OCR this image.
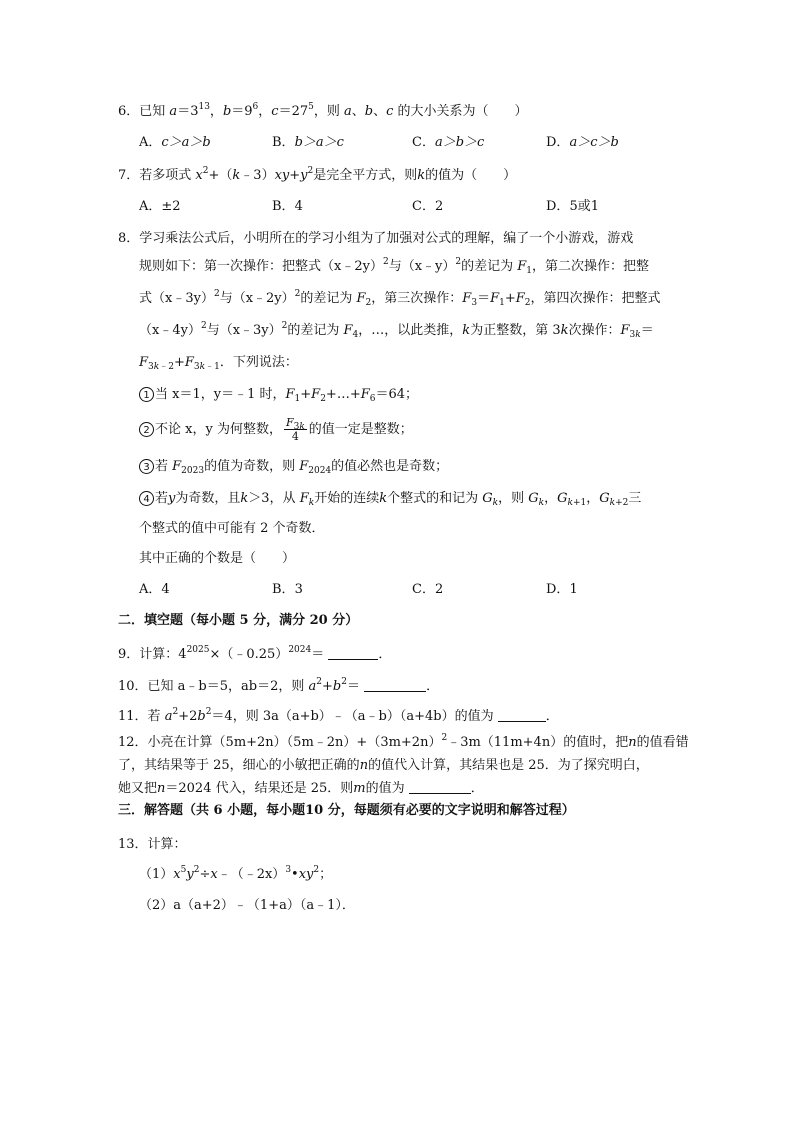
6．已知 $a=3^{13}$，$b=9^6$，$c=27^5$，则 a、b、c 的大小关系为（　　）
A．c＞a＞b	B．b＞a＞c	C．a＞b＞c	D．a＞c＞b
7．若多项式 $x^2+(k﹣3)xy+y^2$是完全平方式，则k的值为（　　）
A．±2	B．4	C．2	D．5或1
8．学习乘法公式后，小明所在的学习小组为了加强对公式的理解，编了一个小游戏，游戏
规则如下：第一次操作：把整式（x﹣2y）$^2$与（x﹣y）$^2$的差记为 $F_1$，第二次操作：把整
式（x﹣3y）$^2$与（x﹣2y）$^2$的差记为 $F_2$，第三次操作：$F_3=F_1+F_2$，第四次操作：把整式
（x﹣4y）$^2$与（x﹣3y）$^2$的差记为 $F_4$，…，以此类推，k为正整数，第 3k次操作：$F_{3k}=$
$F_{3k﹣2}+F_{3k﹣1}$．下列说法：
1 当 x＝1，y＝﹣1 时，$F_1+F_2+\dots+F_6=64$；
2 不论 x，y 为何整数， $\frac{F_{3k}}{4}$ 的值一定是整数；
3 若 $F_{2023}$的值为奇数，则 $F_{2024}$的值必然也是奇数；
4 若y为奇数，且k＞3，从 $F_k$开始的连续k个整式的和记为 $G_k$，则 $G_k$，$G_{k+1}$，$G_{k+2}$三
个整式的值中可能有 2 个奇数．
其中正确的个数是（　　）
A．4	B．3	C．2	D．1
二．填空题（每小题 5 分，满分 20 分）
9．计算：$4^{2025}\times(﹣0.25)^{2024}=$	．
10．已知 a﹣b＝5，ab＝2，则 $a^2+b^2=$	．
11．若 $a^2+2b^2=4$，则 3a（a+b）﹣（a﹣b）（a+4b）的值为	．
12．小亮在计算$(5m+2n)(5m﹣2n)+(3m+2n)^2﹣3m(11m+4n)$的值时，把n的值看错
了，其结果等于 25，细心的小敏把正确的n的值代入计算，其结果也是 25．为了探究明白，
她又把n＝2024 代入，结果还是 25．则m的值为	．
三．解答题（共 6 小题，每小题10 分，每题须有必要的文字说明和解答过程）
13．计算：
$(1)x^5y^2\div x﹣(﹣2x)^3•xy^2$；
（2）a（a+2）﹣（1+a）（a﹣1）．
